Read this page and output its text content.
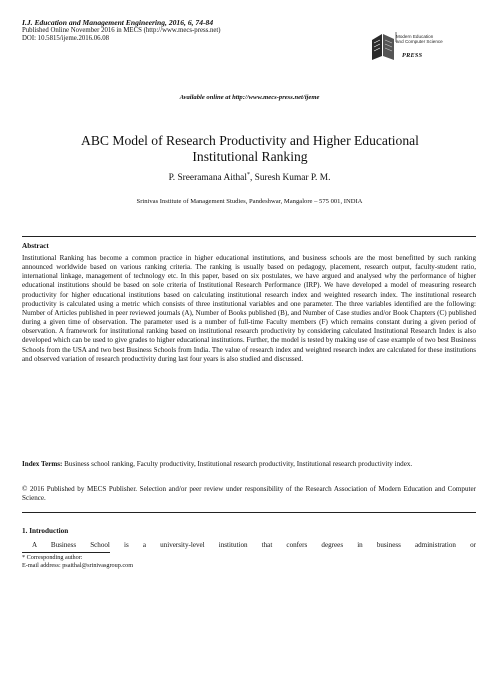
I.J. Education and Management Engineering, 2016, 6, 74-84
Published Online November 2016 in MECS (http://www.mecs-press.net)
DOI: 10.5815/ijeme.2016.06.08	Modern Education
and Computer Science
PRESS
Available online at http://www.mecs-press.net/ijeme
ABC Model of Research Productivity and Higher Educational
Institutional Ranking
P. Sreeramana Aithal*, Suresh Kumar P. M.
Srinivas Institute of Management Studies, Pandeshwar, Mangalore – 575 001, INDIA
Abstract

Institutional Ranking has become a common practice in higher educational institutions, and business schools are the most benefitted by such ranking announced worldwide based on various ranking criteria. The ranking is usually based on pedagogy, placement, research output, faculty-student ratio, international linkage, management of technology etc. In this paper, based on six postulates, we have argued and analysed why the performance of higher educational institutions should be based on sole criteria of Institutional Research Performance (IRP). We have developed a model of measuring research productivity for higher educational institutions based on calculating institutional research index and weighted research index. The institutional research productivity is calculated using a metric which consists of three institutional variables and one parameter. The three variables identified are the following: Number of Articles published in peer reviewed journals (A), Number of Books published (B), and Number of Case studies and/or Book Chapters (C) published during a given time of observation. The parameter used is a number of full-time Faculty members (F) which remains constant during a given period of observation. A framework for institutional ranking based on institutional research productivity by considering calculated Institutional Research Index is also developed which can be used to give grades to higher educational institutions. Further, the model is tested by making use of case example of two best Business Schools from the USA and two best Business Schools from India. The value of research index and weighted research index are calculated for these institutions and observed variation of research productivity during last four years is also studied and discussed.

Index Terms: Business school ranking, Faculty productivity, Institutional research productivity, Institutional research productivity index.
© 2016 Published by MECS Publisher. Selection and/or peer review under responsibility of the Research Association of Modern Education and Computer Science.
1. Introduction
A Business School is a university-level institution that confers degrees in business administration or
* Corresponding author:
E-mail address: psaithal@srinivasgroup.com
